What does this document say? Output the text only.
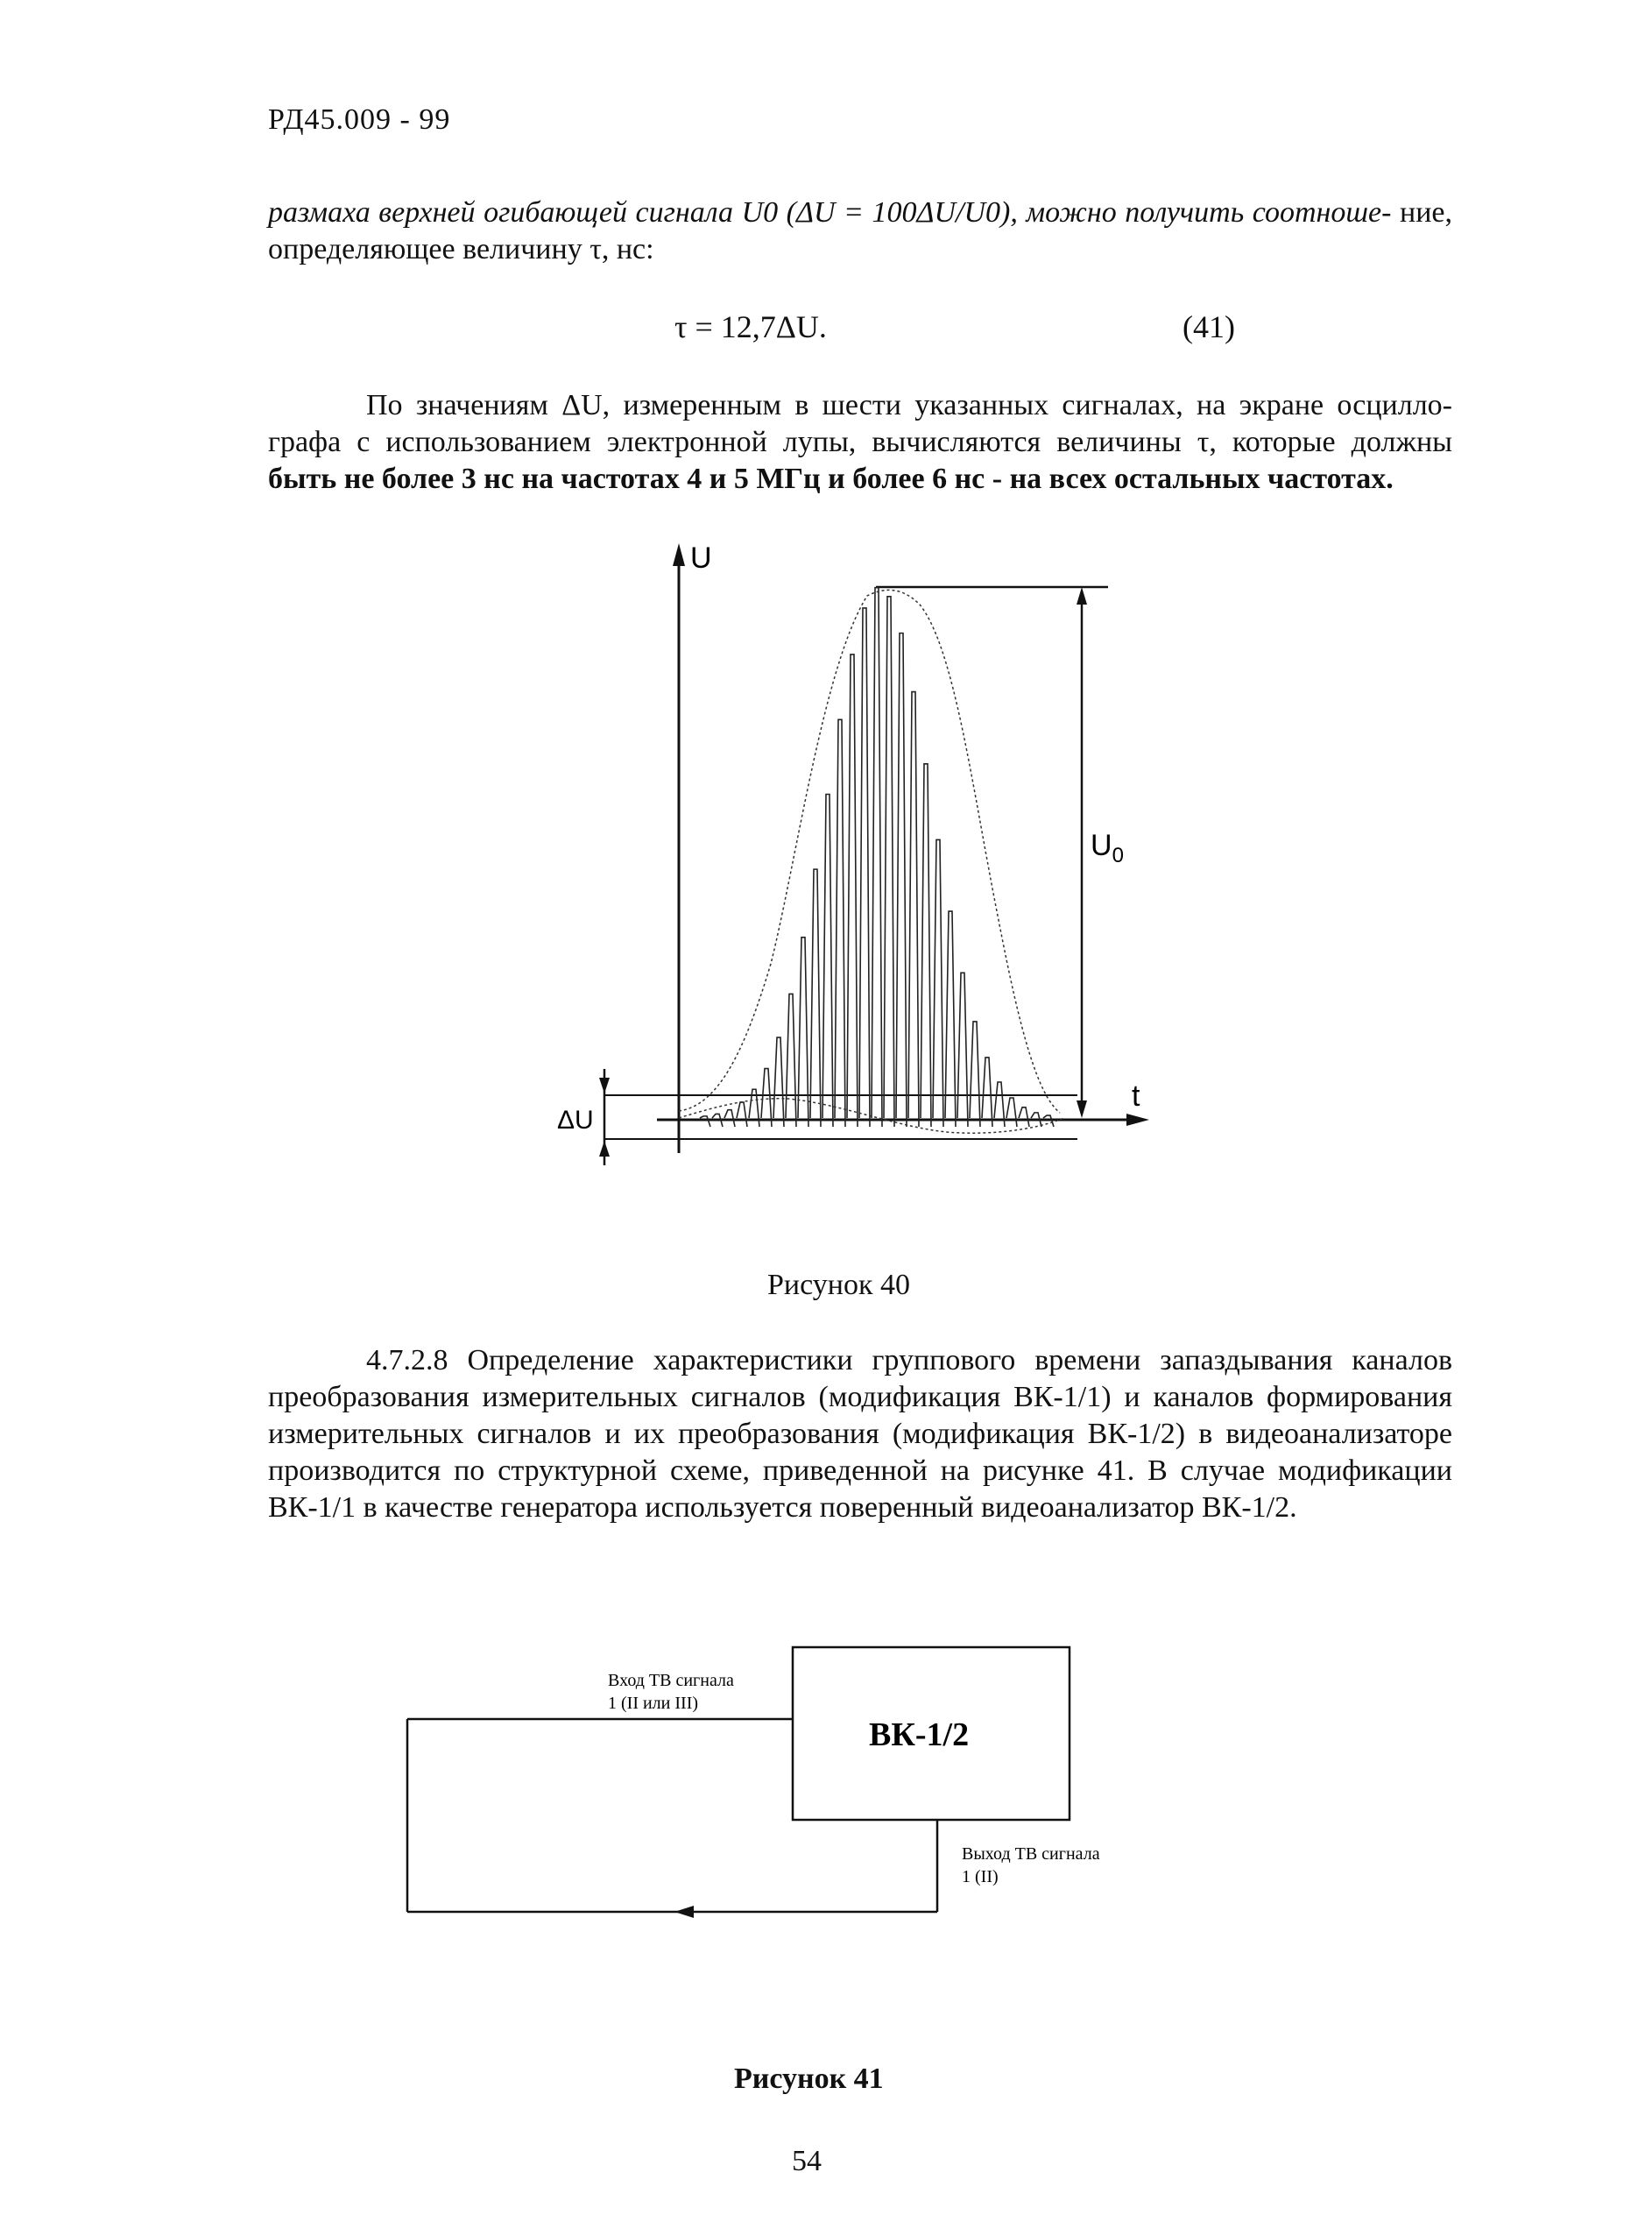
РД45.009 - 99

размаха верхней огибающей сигнала U0 (ΔU = 100ΔU/U0), можно получить соотноше- ние, определяющее величину τ, нс:

τ = 12,7ΔU.	(41)

По значениям ΔU, измеренным в шести указанных сигналах, на экране осцилло-графа с использованием электронной лупы, вычисляются величины τ, которые должны быть не более 3 нс на частотах 4 и 5 МГц и более 6 нс - на всех остальных частотах.

U
t
$U_0$
ΔU
ВК-1/2
Вход ТВ сигнала
1 (II или III)
Выход ТВ сигнала
1 (II)
Рисунок 40

4.7.2.8 Определение характеристики группового времени запаздывания каналов преобразования измерительных сигналов (модификация ВК-1/1) и каналов формирования измерительных сигналов и их преобразования (модификация ВК-1/2) в видеоанализаторе производится по структурной схеме, приведенной на рисунке 41. В случае модификации ВК-1/1 в качестве генератора используется поверенный видеоанализатор ВК-1/2.

Рисунок 41
54
